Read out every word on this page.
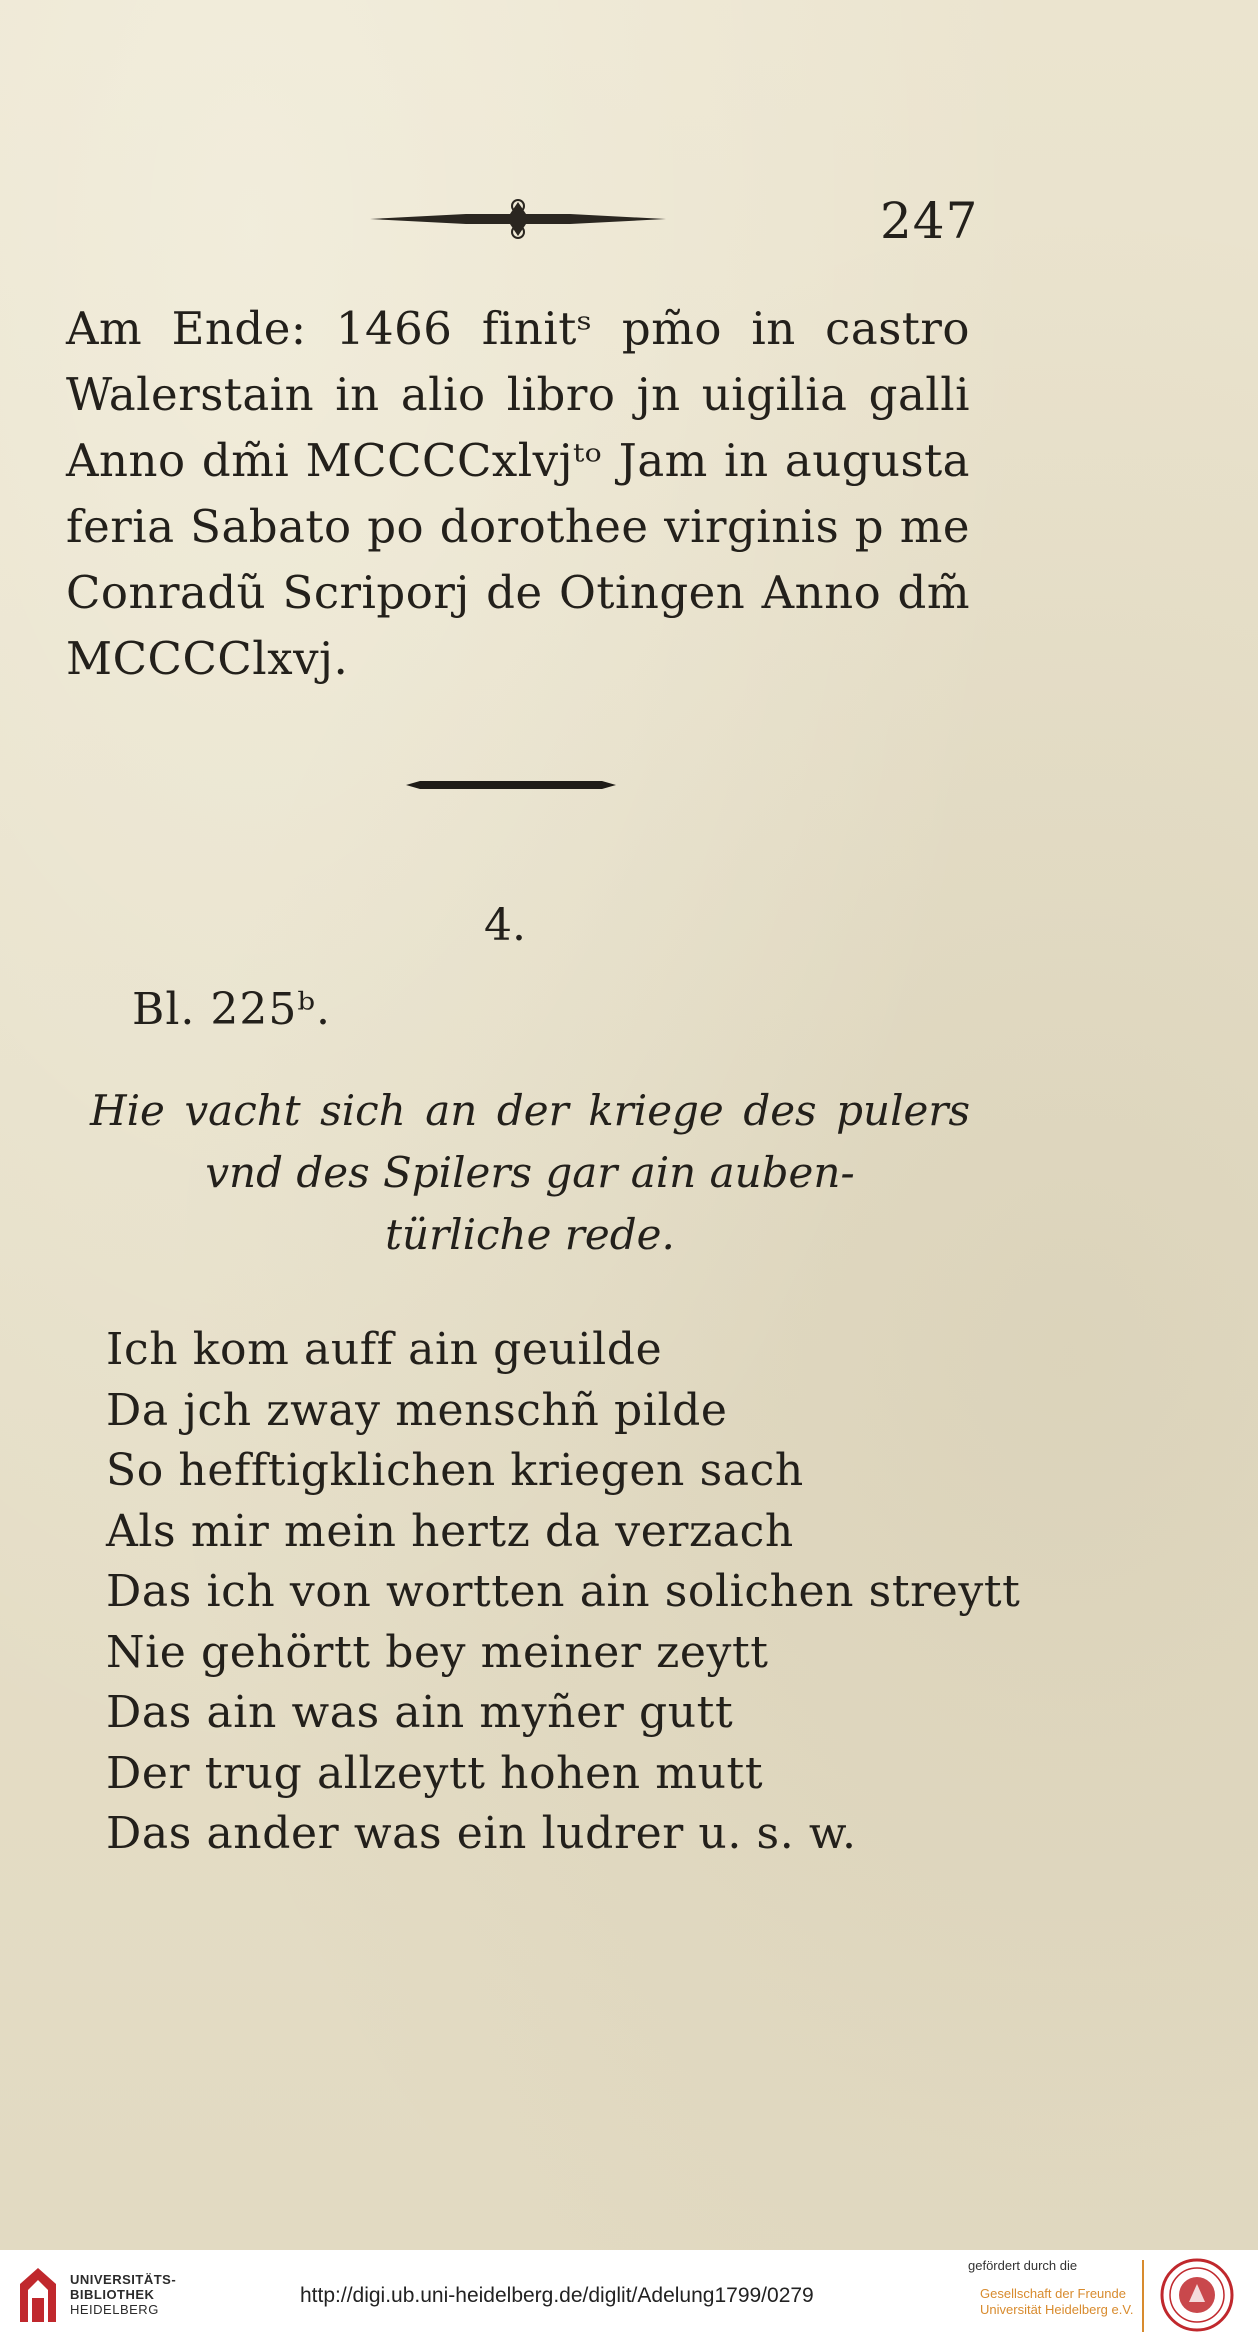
247
Am Ende: 1466 finitˢ pm̃o in castro
Walerstain in alio libro jn uigilia galli
Anno dm̃i MCCCCxlvjᵗᵒ Jam in augusta
feria Sabato po dorothee virginis p me
Conradũ Scriporj de Otingen Anno dm̃
MCCCClxvj.
4.
Bl. 225ᵇ.
Hie vacht sich an der kriege des pulers
vnd des Spilers gar ain auben-
türliche rede.
Ich kom auff ain geuilde
Da jch zway menschñ pilde
So hefftigklichen kriegen sach
Als mir mein hertz da verzach
Das ich von wortten ain solichen streytt
Nie gehörtt bey meiner zeytt
Das ain was ain myñer gutt
Der trug allzeytt hohen mutt
Das ander was ein ludrer u. s. w.
UNIVERSITÄTS-
BIBLIOTHEK
HEIDELBERG
http://digi.ub.uni-heidelberg.de/diglit/Adelung1799/0279
gefördert durch die
Gesellschaft der Freunde
Universität Heidelberg e.V.
